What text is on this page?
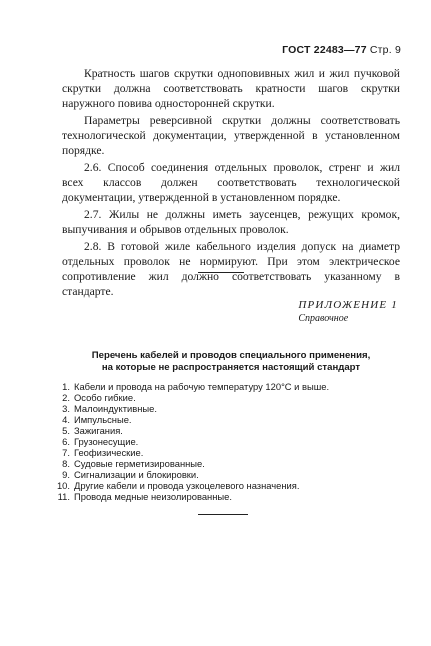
ГОСТ 22483—77 Стр. 9

Кратность шагов скрутки одноповивных жил и жил пучковой скрутки должна соответствовать кратности шагов скрутки наружного повива односторонней скрутки.

Параметры реверсивной скрутки должны соответствовать технологической документации, утвержденной в установленном порядке.

2.6. Способ соединения отдельных проволок, стренг и жил всех классов должен соответствовать технологической документации, утвержденной в установленном порядке.

2.7. Жилы не должны иметь заусенцев, режущих кромок, выпучивания и обрывов отдельных проволок.

2.8. В готовой жиле кабельного изделия допуск на диаметр отдельных проволок не нормируют. При этом электрическое сопротивление жил должно соответствовать указанному в стандарте.

ПРИЛОЖЕНИЕ 1
Справочное
Перечень кабелей и проводов специального применения,
на которые не распространяется настоящий стандарт
1. Кабели и провода на рабочую температуру 120°С и выше.
2. Особо гибкие.
3. Малоиндуктивные.
4. Импульсные.
5. Зажигания.
6. Грузонесущие.
7. Геофизические.
8. Судовые герметизированные.
9. Сигнализации и блокировки.
10. Другие кабели и провода узкоцелевого назначения.
11. Провода медные неизолированные.
